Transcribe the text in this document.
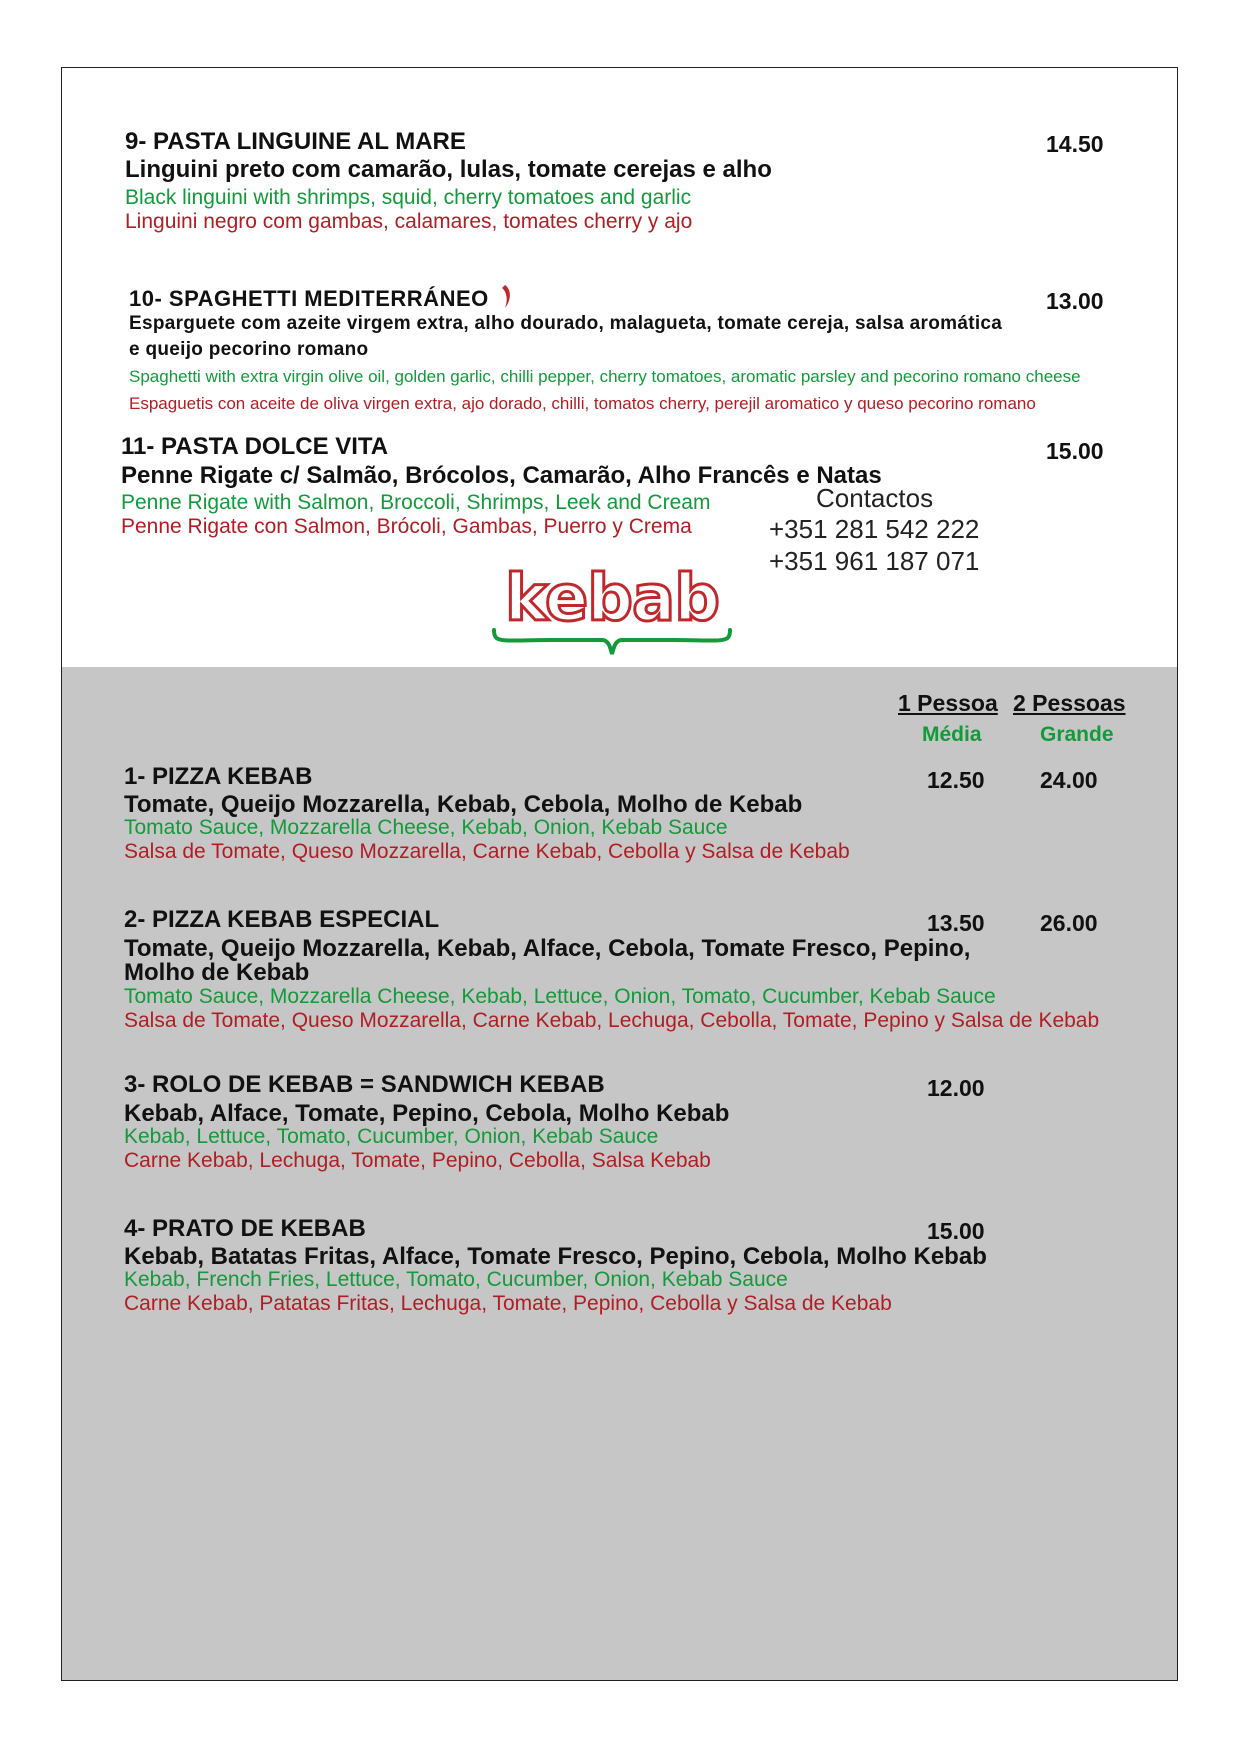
9- PASTA LINGUINE AL MARE	14.50
Linguini preto com camarão, lulas, tomate cerejas e alho
Black linguini with shrimps, squid, cherry tomatoes and garlic
Linguini negro com gambas, calamares, tomates cherry y ajo
10- SPAGHETTI MEDITERRÁNEO	13.00
Esparguete com azeite virgem extra, alho dourado, malagueta, tomate cereja, salsa aromática
e queijo pecorino romano
Spaghetti with extra virgin olive oil, golden garlic, chilli pepper, cherry tomatoes, aromatic parsley and pecorino romano cheese
Espaguetis con aceite de oliva virgen extra, ajo dorado, chilli, tomatos cherry, perejil aromatico y queso pecorino romano
11- PASTA DOLCE VITA	15.00
Penne Rigate c/ Salmão, Brócolos, Camarão, Alho Francês e Natas
Penne Rigate with Salmon, Broccoli, Shrimps, Leek and Cream
Penne Rigate con Salmon, Brócoli, Gambas, Puerro y Crema
kebab
Contactos
+351 281 542 222
+351 961 187 071
1 Pessoa 2 Pessoas
Média	Grande
1- PIZZA KEBAB	12.50 24.00
Tomate, Queijo Mozzarella, Kebab, Cebola, Molho de Kebab
Tomato Sauce, Mozzarella Cheese, Kebab, Onion, Kebab Sauce
Salsa de Tomate, Queso Mozzarella, Carne Kebab, Cebolla y Salsa de Kebab
2- PIZZA KEBAB ESPECIAL	13.50 26.00
Tomate, Queijo Mozzarella, Kebab, Alface, Cebola, Tomate Fresco, Pepino,
Molho de Kebab
Tomato Sauce, Mozzarella Cheese, Kebab, Lettuce, Onion, Tomato, Cucumber, Kebab Sauce
Salsa de Tomate, Queso Mozzarella, Carne Kebab, Lechuga, Cebolla, Tomate, Pepino y Salsa de Kebab
3- ROLO DE KEBAB = SANDWICH KEBAB	12.00
Kebab, Alface, Tomate, Pepino, Cebola, Molho Kebab
Kebab, Lettuce, Tomato, Cucumber, Onion, Kebab Sauce
Carne Kebab, Lechuga, Tomate, Pepino, Cebolla, Salsa Kebab
4- PRATO DE KEBAB	15.00
Kebab, Batatas Fritas, Alface, Tomate Fresco, Pepino, Cebola, Molho Kebab
Kebab, French Fries, Lettuce, Tomato, Cucumber, Onion, Kebab Sauce
Carne Kebab, Patatas Fritas, Lechuga, Tomate, Pepino, Cebolla y Salsa de Kebab
